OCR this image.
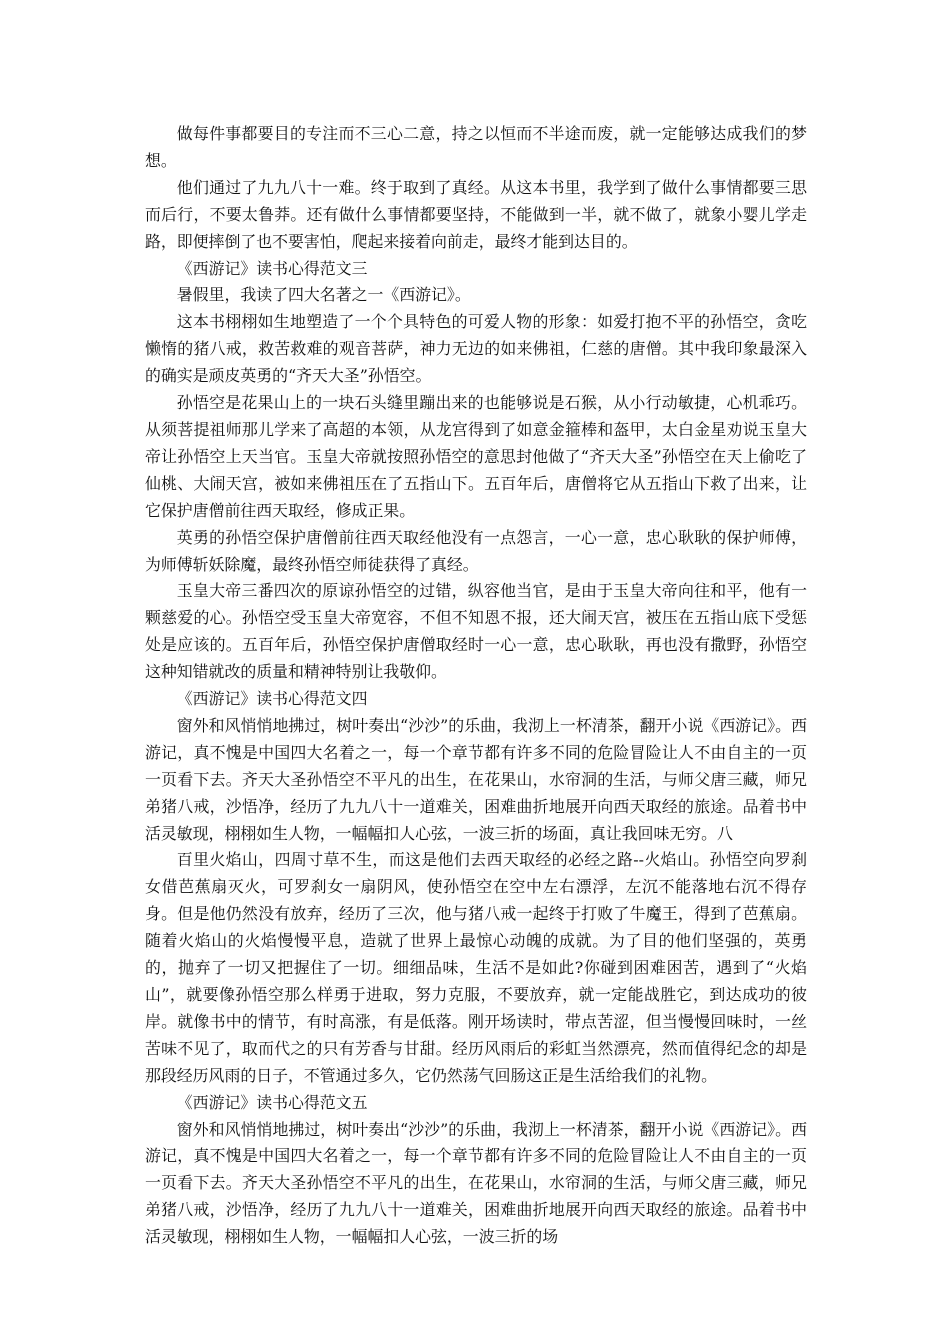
做每件事都要目的专注而不三心二意，持之以恒而不半途而废，就一定能够达成我们的梦想。

他们通过了九九八十一难。终于取到了真经。从这本书里，我学到了做什么事情都要三思而后行，不要太鲁莽。还有做什么事情都要坚持，不能做到一半，就不做了，就象小婴儿学走路，即便摔倒了也不要害怕，爬起来接着向前走，最终才能到达目的。

《西游记》读书心得范文三

暑假里，我读了四大名著之一《西游记》。

这本书栩栩如生地塑造了一个个具特色的可爱人物的形象：如爱打抱不平的孙悟空，贪吃懒惰的猪八戒，救苦救难的观音菩萨，神力无边的如来佛祖，仁慈的唐僧。其中我印象最深入的确实是顽皮英勇的“齐天大圣”孙悟空。

孙悟空是花果山上的一块石头缝里蹦出来的也能够说是石猴，从小行动敏捷，心机乖巧。从须菩提祖师那儿学来了高超的本领，从龙宫得到了如意金箍棒和盔甲，太白金星劝说玉皇大帝让孙悟空上天当官。玉皇大帝就按照孙悟空的意思封他做了“齐天大圣”孙悟空在天上偷吃了仙桃、大闹天宫，被如来佛祖压在了五指山下。五百年后，唐僧将它从五指山下救了出来，让它保护唐僧前往西天取经，修成正果。

英勇的孙悟空保护唐僧前往西天取经他没有一点怨言，一心一意，忠心耿耿的保护师傅，为师傅斩妖除魔，最终孙悟空师徒获得了真经。

玉皇大帝三番四次的原谅孙悟空的过错，纵容他当官，是由于玉皇大帝向往和平，他有一颗慈爱的心。孙悟空受玉皇大帝宽容，不但不知恩不报，还大闹天宫，被压在五指山底下受惩处是应该的。五百年后，孙悟空保护唐僧取经时一心一意，忠心耿耿，再也没有撒野，孙悟空这种知错就改的质量和精神特别让我敬仰。

《西游记》读书心得范文四

窗外和风悄悄地拂过，树叶奏出“沙沙”的乐曲，我沏上一杯清茶，翻开小说《西游记》。西游记，真不愧是中国四大名着之一，每一个章节都有许多不同的危险冒险让人不由自主的一页一页看下去。齐天大圣孙悟空不平凡的出生，在花果山，水帘洞的生活，与师父唐三藏，师兄弟猪八戒，沙悟净，经历了九九八十一道难关，困难曲折地展开向西天取经的旅途。品着书中活灵敏现，栩栩如生人物，一幅幅扣人心弦，一波三折的场面，真让我回味无穷。八

百里火焰山，四周寸草不生，而这是他们去西天取经的必经之路--火焰山。孙悟空向罗刹女借芭蕉扇灭火，可罗刹女一扇阴风，使孙悟空在空中左右漂浮，左沉不能落地右沉不得存身。但是他仍然没有放弃，经历了三次，他与猪八戒一起终于打败了牛魔王，得到了芭蕉扇。随着火焰山的火焰慢慢平息，造就了世界上最惊心动魄的成就。为了目的他们坚强的，英勇的，抛弃了一切又把握住了一切。细细品味，生活不是如此?你碰到困难困苦，遇到了“火焰山”，就要像孙悟空那么样勇于进取，努力克服，不要放弃，就一定能战胜它，到达成功的彼岸。就像书中的情节，有时高涨，有是低落。刚开场读时，带点苦涩，但当慢慢回味时，一丝苦味不见了，取而代之的只有芳香与甘甜。经历风雨后的彩虹当然漂亮，然而值得纪念的却是那段经历风雨的日子，不管通过多久，它仍然荡气回肠这正是生活给我们的礼物。

《西游记》读书心得范文五

窗外和风悄悄地拂过，树叶奏出“沙沙”的乐曲，我沏上一杯清茶，翻开小说《西游记》。西游记，真不愧是中国四大名着之一，每一个章节都有许多不同的危险冒险让人不由自主的一页一页看下去。齐天大圣孙悟空不平凡的出生，在花果山，水帘洞的生活，与师父唐三藏，师兄弟猪八戒，沙悟净，经历了九九八十一道难关，困难曲折地展开向西天取经的旅途。品着书中活灵敏现，栩栩如生人物，一幅幅扣人心弦，一波三折的场
